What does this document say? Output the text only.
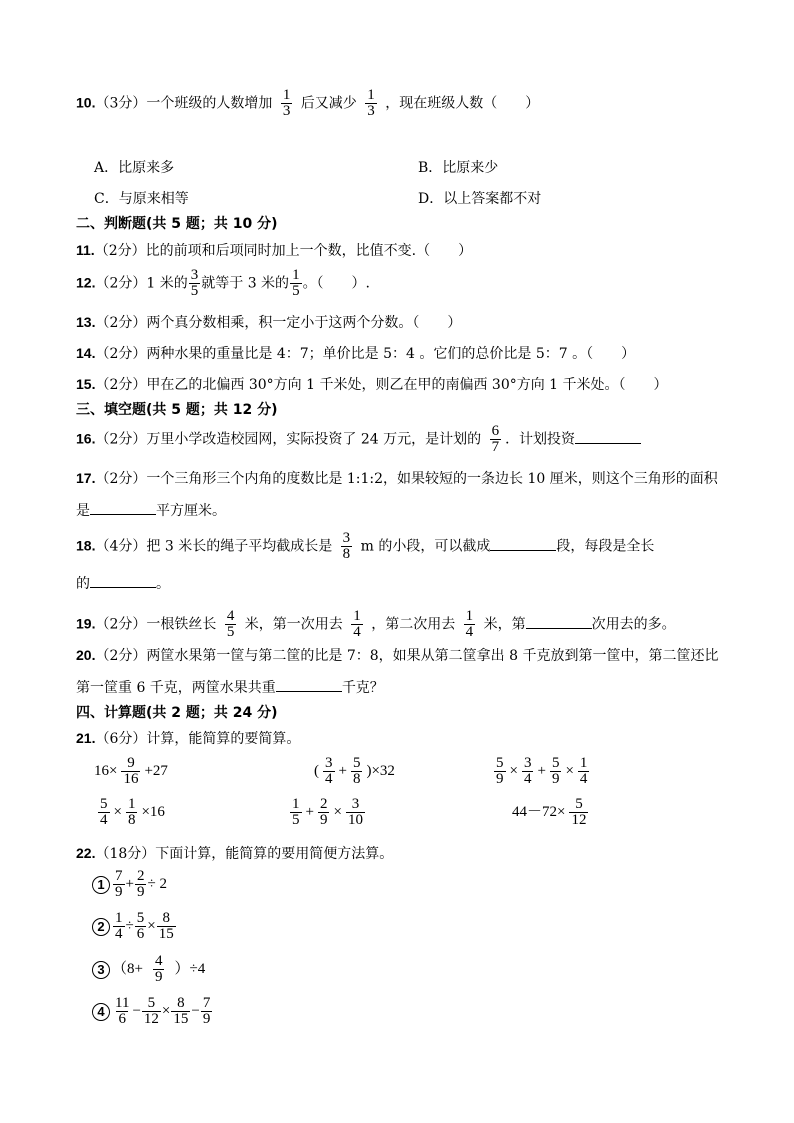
10.（3分）一个班级的人数增加 $\frac{1}{3}$ 后又减少 $\frac{1}{3}$ ，现在班级人数（　　）
A．比原来多	B．比原来少
C．与原来相等	D．以上答案都不对
二、判断题(共 5 题；共 10 分)
11.（2分）比的前项和后项同时加上一个数，比值不变.（　　）
12.（2分）1 米的 $\frac{3}{5}$ 就等于 3 米的 $\frac{1}{5}$ 。（　　）.
13.（2分）两个真分数相乘，积一定小于这两个分数。（　　）
14.（2分）两种水果的重量比是 4：7；单价比是 5：4 。它们的总价比是 5：7 。（　　）
15.（2分）甲在乙的北偏西 30°方向 1 千米处，则乙在甲的南偏西 30°方向 1 千米处。（　　）
三、填空题(共 5 题；共 12 分)
16.（2分）万里小学改造校园网，实际投资了 24 万元，是计划的 $\frac{6}{7}$ ．计划投资
17.（2分）一个三角形三个内角的度数比是 1:1:2，如果较短的一条边长 10 厘米，则这个三角形的面积
是	平方厘米。
18.（4分）把 3 米长的绳子平均截成长是 $\frac{3}{8}$ m 的小段，可以截成	段，每段是全长
的	。
19.（2分）一根铁丝长 $\frac{4}{5}$ 米，第一次用去 $\frac{1}{4}$ ，第二次用去 $\frac{1}{4}$ 米，第	次用去的多。
20.（2分）两筐水果第一筐与第二筐的比是 7：8，如果从第二筐拿出 8 千克放到第一筐中，第二筐还比
第一筐重 6 千克，两筐水果共重	千克？
四、计算题(共 2 题；共 24 分)
21.（6分）计算，能简算的要简算。
$16\times \frac{9}{16} +27$	( $\frac{3}{4} + \frac{5}{8} )\times 32$	$\frac{5}{9} \times \frac{3}{4} + \frac{5}{9} \times \frac{1}{4}$
$\frac{5}{4} \times \frac{1}{8} \times 16$	$\frac{1}{5} + \frac{2}{9} \times \frac{3}{10}$	$44-72\times \frac{5}{12}$
22.（18分）下面计算，能简算的要用简便方法算。
$1 \frac{7}{9} + \frac{2}{9} \div 2$
$2 \frac{1}{4} \div \frac{5}{6} \times \frac{8}{15}$
3 $(8+ \frac{4}{9} )\div 4$
$4 \frac{11}{6} - \frac{5}{12} \times \frac{8}{15} - \frac{7}{9}$
